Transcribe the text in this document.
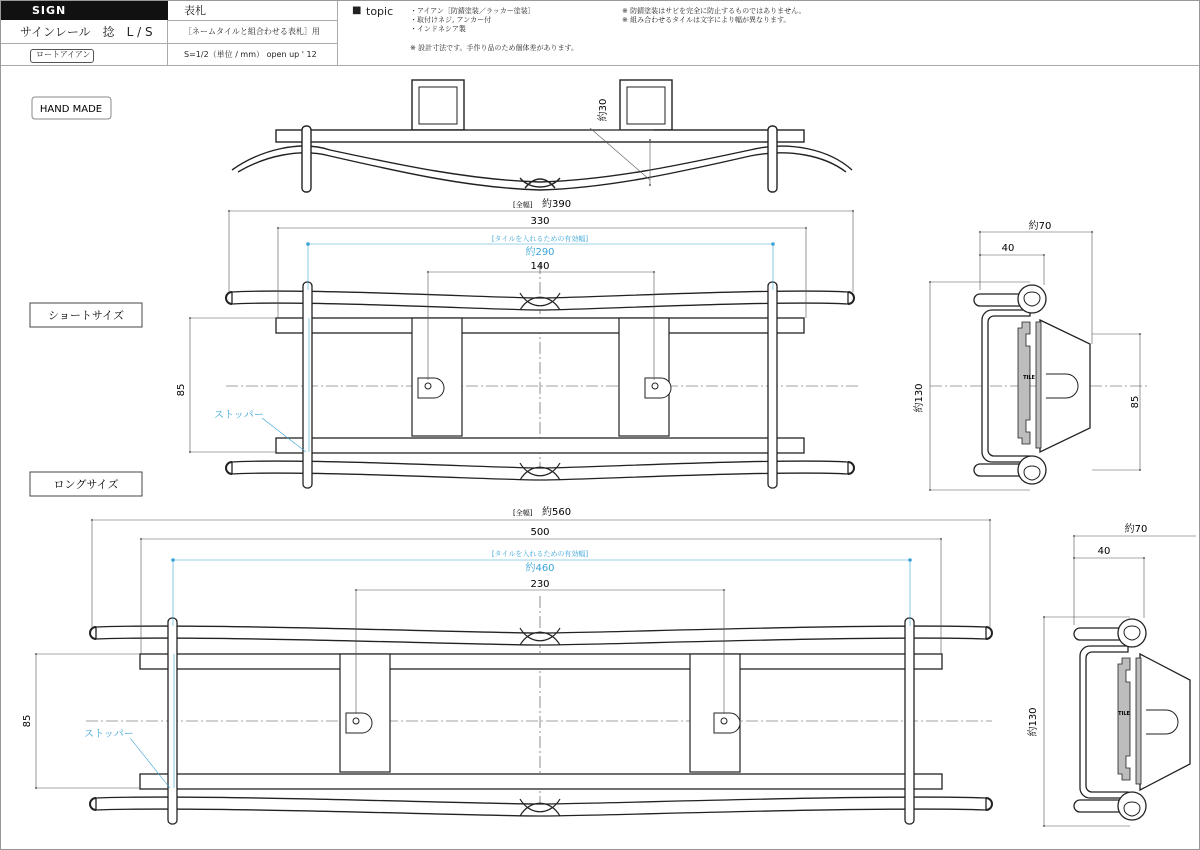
SIGN
サインレール　捻　L / S
ロートアイアン
表札
［ネームタイルと組合わせる表札］用
S=1/2（単位 / mm） open up ' 12
■ topic ・アイアン［防錆塗装／ラッカー塗装］
・取付けネジ, アンカー付
・インドネシア製
※ 設計寸法です。手作り品のため個体差があります。
※ 防錆塗装はサビを完全に防止するものではありません。
※ 組み合わせるタイルは文字により幅が異なります。
HAND MADE
ショートサイズ
ロングサイズ
約30
[全幅] 約390
330
[タイルを入れるための有効幅]
約290
140
85
ストッパー
約70
40
約130	85
TILE
[全幅] 約560
500
[タイルを入れるための有効幅]
約460
230
85
ストッパー
約70
40
約130	TILE
